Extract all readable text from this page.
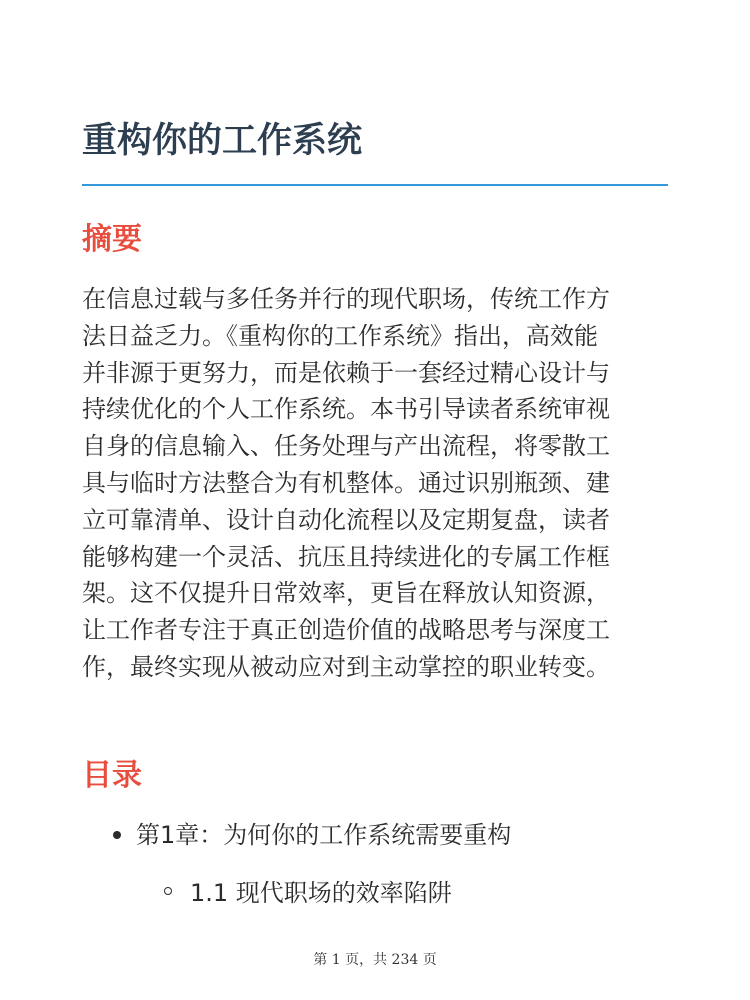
重构你的工作系统
摘要
在信息过载与多任务并行的现代职场，传统工作方
法日益乏力。《重构你的工作系统》指出，高效能
并非源于更努力，而是依赖于一套经过精心设计与
持续优化的个人工作系统。本书引导读者系统审视
自身的信息输入、任务处理与产出流程，将零散工
具与临时方法整合为有机整体。通过识别瓶颈、建
立可靠清单、设计自动化流程以及定期复盘，读者
能够构建一个灵活、抗压且持续进化的专属工作框
架。这不仅提升日常效率，更旨在释放认知资源，
让工作者专注于真正创造价值的战略思考与深度工
作，最终实现从被动应对到主动掌控的职业转变。
目录
第1章：为何你的工作系统需要重构
1.1 现代职场的效率陷阱
第 1 页，共 234 页
